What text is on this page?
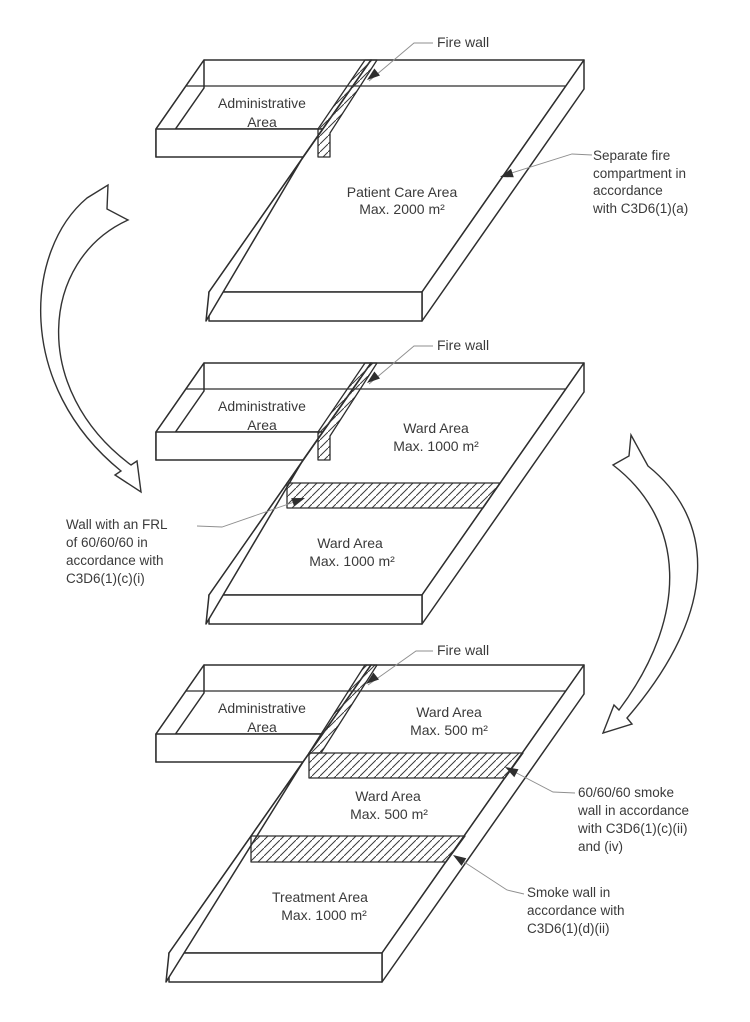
Administrative
Area
Patient Care Area
Max. 2000 m²
Fire wall
Separate fire
compartment in
accordance
with C3D6(1)(a)
Administrative
Area	Ward Area
Max. 1000 m²
Ward Area
Max. 1000 m²
Fire wall
Wall with an FRL
of 60/60/60 in
accordance with
C3D6(1)(c)(i)
Administrative
Area
Ward Area
Max. 500 m²
Ward Area
Max. 500 m²
Treatment Area
Max. 1000 m²
Fire wall
60/60/60 smoke
wall in accordance
with C3D6(1)(c)(ii)
and (iv)
Smoke wall in
accordance with
C3D6(1)(d)(ii)
